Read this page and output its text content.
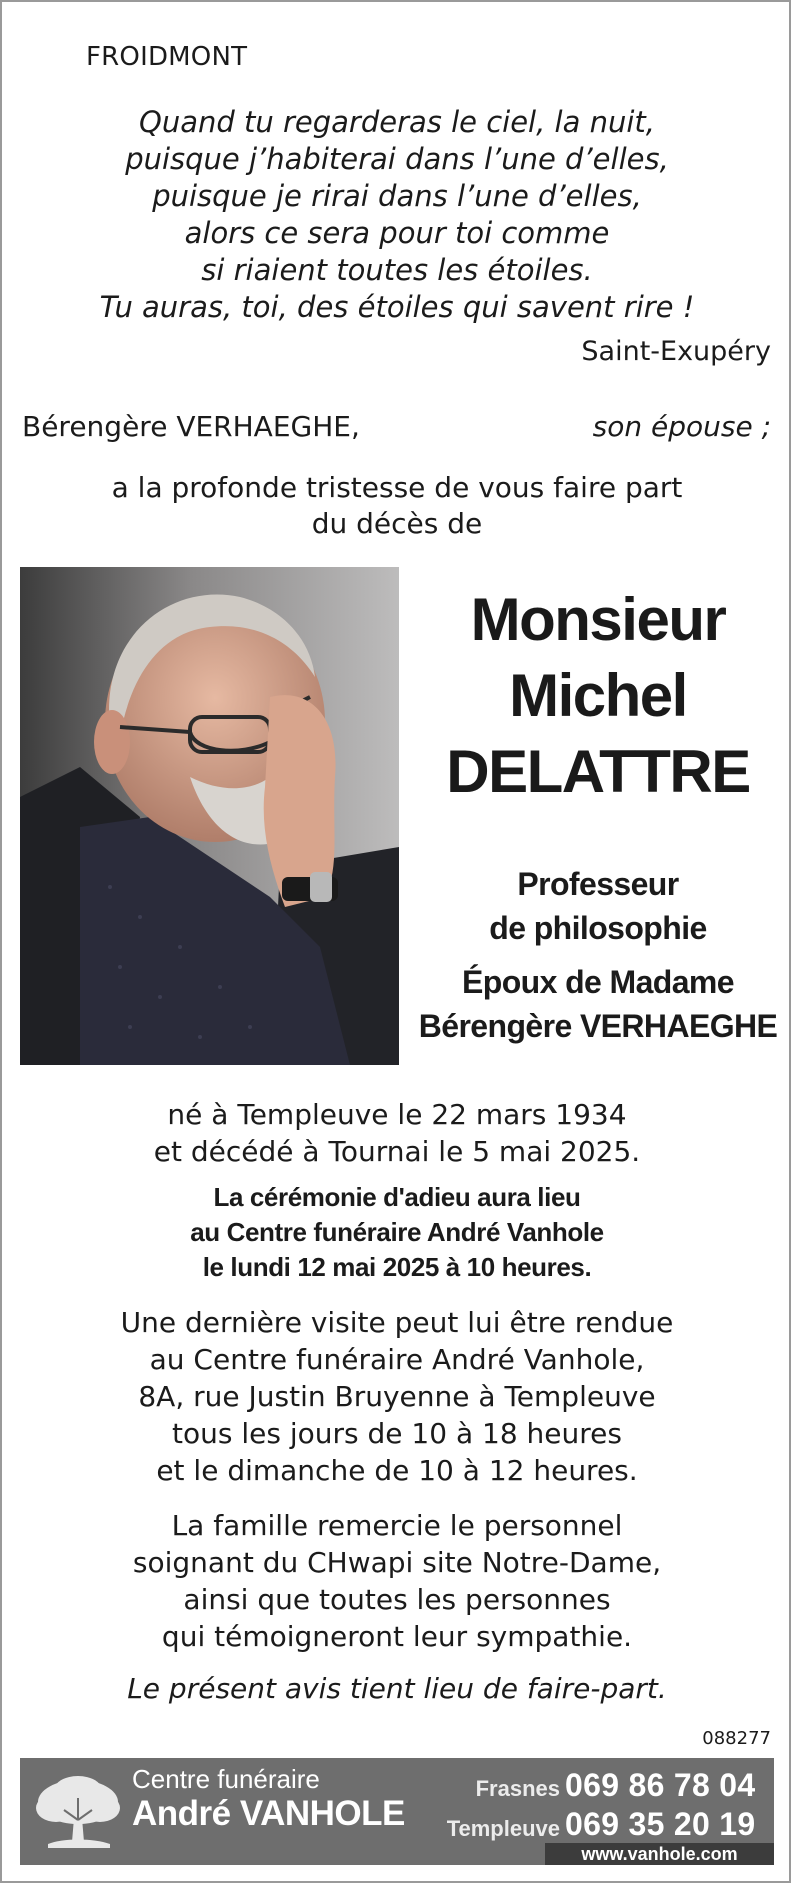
FROIDMONT
Quand tu regarderas le ciel, la nuit,
puisque j’habiterai dans l’une d’elles,
puisque je rirai dans l’une d’elles,
alors ce sera pour toi comme
si riaient toutes les étoiles.
Tu auras, toi, des étoiles qui savent rire !
Saint-Exupéry
Bérengère VERHAEGHE,	son épouse ;
a la profonde tristesse de vous faire part
du décès de
Monsieur
Michel
DELATTRE
Professeur
de philosophie
Époux de Madame
Bérengère VERHAEGHE
né à Templeuve le 22 mars 1934
et décédé à Tournai le 5 mai 2025.
La cérémonie d'adieu aura lieu
au Centre funéraire André Vanhole
le lundi 12 mai 2025 à 10 heures.
Une dernière visite peut lui être rendue
au Centre funéraire André Vanhole,
8A, rue Justin Bruyenne à Templeuve
tous les jours de 10 à 18 heures
et le dimanche de 10 à 12 heures.
La famille remercie le personnel
soignant du CHwapi site Notre-Dame,
ainsi que toutes les personnes
qui témoigneront leur sympathie.
Le présent avis tient lieu de faire-part.
088277
Centre funéraire
André VANHOLE
Frasnes 069 86 78 04
Templeuve 069 35 20 19
www.vanhole.com
